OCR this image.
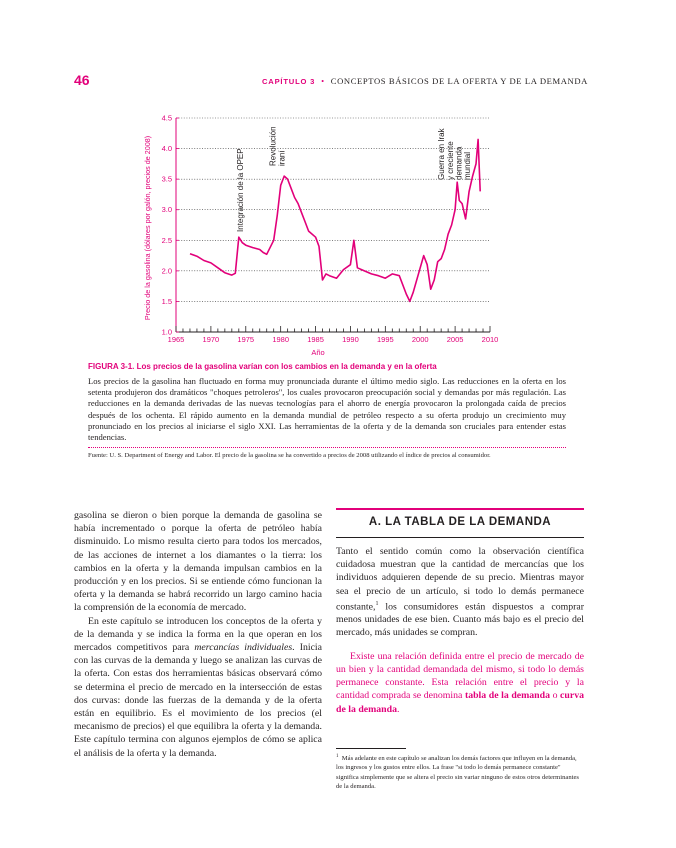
46	CAPÍTULO 3 • CONCEPTOS BÁSICOS DE LA OFERTA Y DE LA DEMANDA
1.0
1.5
2.0
2.5
3.0
3.5
4.0
4.5
1965 1970 1975 1980 1985 1990 1995 2000 2005 2010
Integración de la OPEP
Revolucióniraní	Guerra en Iraky crecientedemandamundial
Precio de la gasolina (dólares por galón, precios de 2008)
Año
FIGURA 3-1. Los precios de la gasolina varían con los cambios en la demanda y en la oferta
Los precios de la gasolina han fluctuado en forma muy pronunciada durante el último medio siglo. Las reducciones en la oferta en los setenta produjeron dos dramáticos "choques petroleros", los cuales provocaron preocupación social y demandas por más regulación. Las reducciones en la demanda derivadas de las nuevas tecnologías para el ahorro de energía provocaron la prolongada caída de precios después de los ochenta. El rápido aumento en la demanda mundial de petróleo respecto a su oferta produjo un crecimiento muy pronunciado en los precios al iniciarse el siglo XXI. Las herramientas de la oferta y de la demanda son cruciales para entender estas tendencias.
Fuente: U. S. Department of Energy and Labor. El precio de la gasolina se ha convertido a precios de 2008 utilizando el índice de precios al consumidor.

gasolina se dieron o bien porque la demanda de gasolina se había incrementado o porque la oferta de petróleo había disminuido. Lo mismo resulta cierto para todos los mercados, de las acciones de internet a los diamantes o la tierra: los cambios en la oferta y la demanda impulsan cambios en la producción y en los precios. Si se entiende cómo funcionan la oferta y la demanda se habrá recorrido un largo camino hacia la comprensión de la economía de mercado.

En este capítulo se introducen los conceptos de la oferta y de la demanda y se indica la forma en la que operan en los mercados competitivos para mercancías individuales. Inicia con las curvas de la demanda y luego se analizan las curvas de la oferta. Con estas dos herramientas básicas observará cómo se determina el precio de mercado en la intersección de estas dos curvas: donde las fuerzas de la demanda y de la oferta están en equilibrio. Es el movimiento de los precios (el mecanismo de precios) el que equilibra la oferta y la demanda. Este capítulo termina con algunos ejemplos de cómo se aplica el análisis de la oferta y la demanda.

A. LA TABLA DE LA DEMANDA

Tanto el sentido común como la observación científica cuidadosa muestran que la cantidad de mercancías que los individuos adquieren depende de su precio. Mientras mayor sea el precio de un artículo, si todo lo demás permanece constante,$^1$ los consumidores están dispuestos a comprar menos unidades de ese bien. Cuanto más bajo es el precio del mercado, más unidades se compran.

Existe una relación definida entre el precio de mercado de un bien y la cantidad demandada del mismo, si todo lo demás permanece constante. Esta relación entre el precio y la cantidad comprada se denomina tabla de la demanda o curva de la demanda.

$^1$ Más adelante en este capítulo se analizan los demás factores que influyen en la demanda, los ingresos y los gustos entre ellos. La frase "si todo lo demás permanece constante" significa simplemente que se altera el precio sin variar ninguno de estos otros determinantes de la demanda.
